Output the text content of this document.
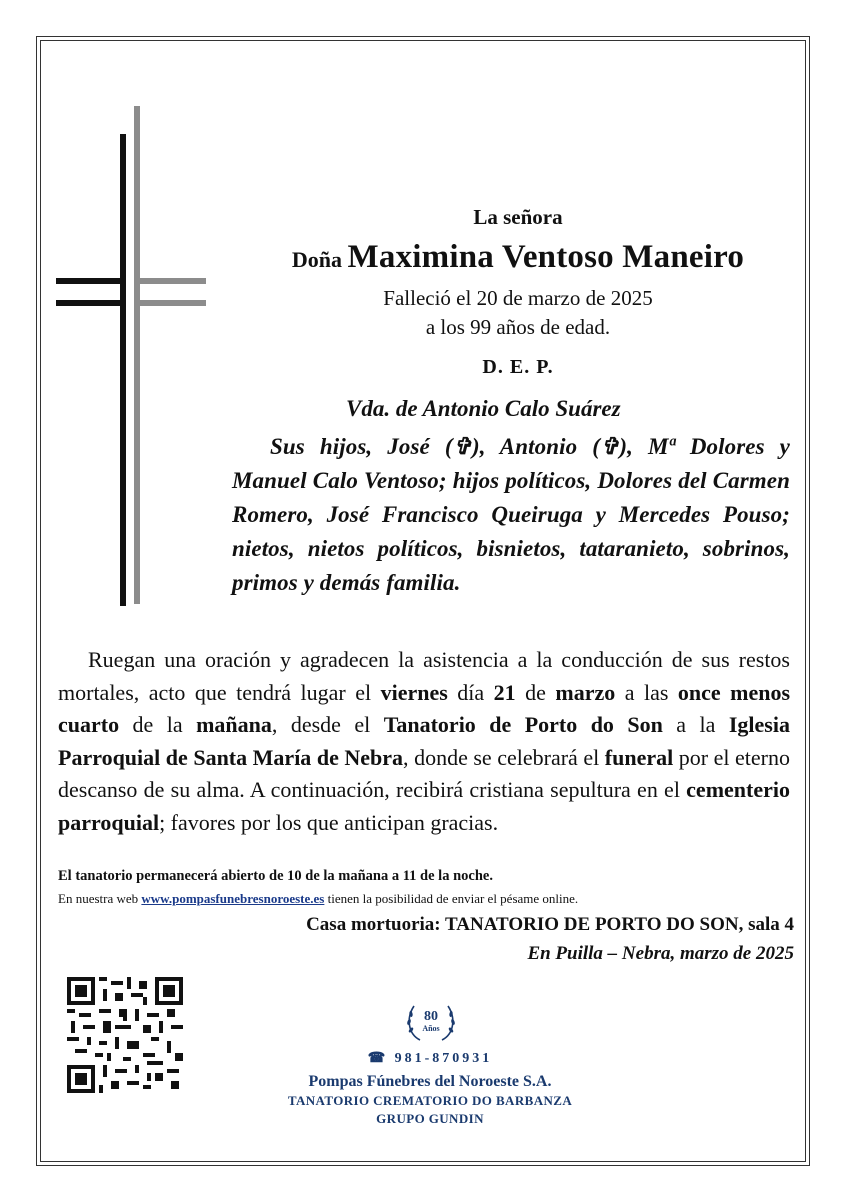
La señora
Doña Maximina Ventoso Maneiro
Falleció el 20 de marzo de 2025
a los 99 años de edad.
D. E. P.
Vda. de Antonio Calo Suárez
Sus hijos, José (✞), Antonio (✞), Mª Dolores y Manuel Calo Ventoso; hijos políticos, Dolores del Carmen Romero, José Francisco Queiruga y Mercedes Pouso; nietos, nietos políticos, bisnietos, tataranieto, sobrinos, primos y demás familia.
Ruegan una oración y agradecen la asistencia a la conducción de sus restos mortales, acto que tendrá lugar el viernes día 21 de marzo a las once menos cuarto de la mañana, desde el Tanatorio de Porto do Son a la Iglesia Parroquial de Santa María de Nebra, donde se celebrará el funeral por el eterno descanso de su alma. A continuación, recibirá cristiana sepultura en el cementerio parroquial; favores por los que anticipan gracias.
El tanatorio permanecerá abierto de 10 de la mañana a 11 de la noche.
En nuestra web www.pompasfunebresnoroeste.es tienen la posibilidad de enviar el pésame online.
Casa mortuoria: TANATORIO DE PORTO DO SON, sala 4
En Puilla – Nebra, marzo de 2025
80
Años
☎ 981-870931
Pompas Fúnebres del Noroeste S.A.
TANATORIO CREMATORIO DO BARBANZA
GRUPO GUNDIN
